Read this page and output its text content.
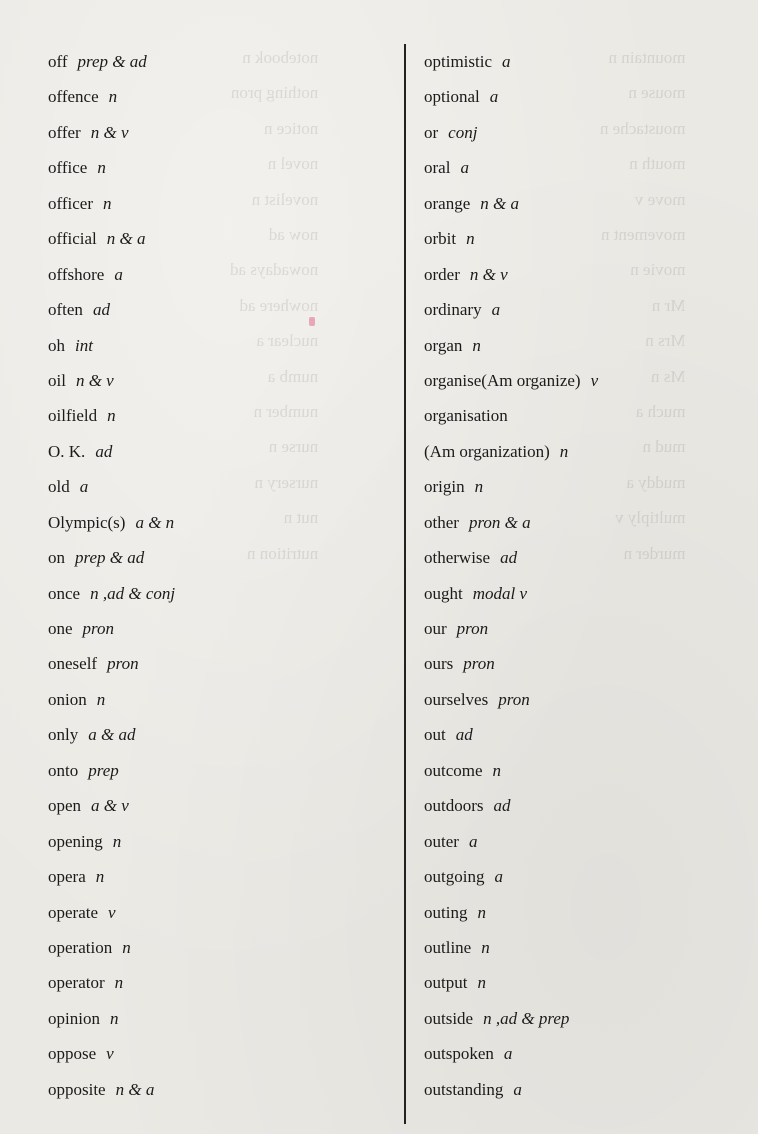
notebook n
nothing pron
notice n
novel n
novelist n
now ad
nowadays ad
nowhere ad
nuclear a
numb a
number n
nurse n
nursery n
nut n
nutrition n
mountain n
mouse n
moustache n
mouth n
move v
movement n
movie n
Mr n
Mrs n
Ms n
much a
mud n
muddy a
multiply v
murder n
off prep & ad
offence n
offer n & v
office n
officer n
official n & a
offshore a
often ad
oh int
oil n & v
oilfield n
O. K. ad
old a
Olympic(s) a & n
on prep & ad
once n ,ad & conj
one pron
oneself pron
onion n
only a & ad
onto prep
open a & v
opening n
opera n
operate v
operation n
operator n
opinion n
oppose v
opposite n & a
optimistic a
optional a
or conj
oral a
orange n & a
orbit n
order n & v
ordinary a
organ n
organise(Am organize) v
organisation
(Am organization) n
origin n
other pron & a
otherwise ad
ought modal v
our pron
ours pron
ourselves pron
out ad
outcome n
outdoors ad
outer a
outgoing a
outing n
outline n
output n
outside n ,ad & prep
outspoken a
outstanding a
